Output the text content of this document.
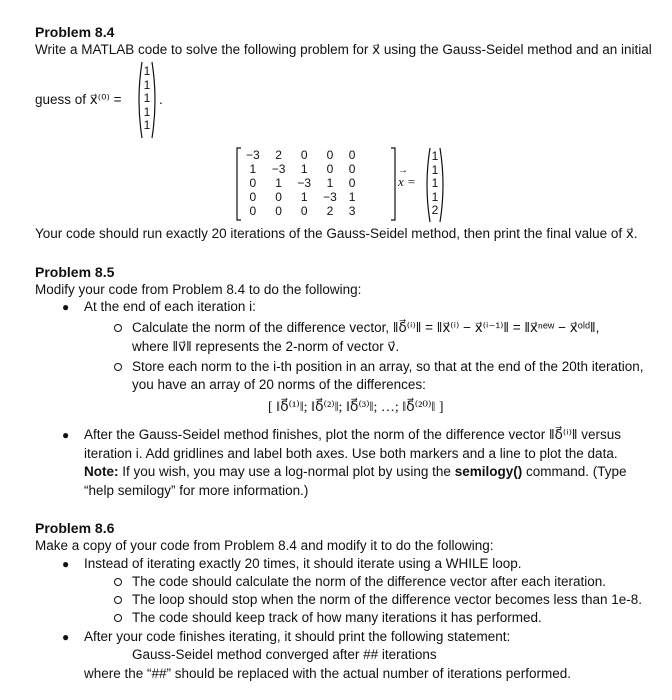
Problem 8.4
Write a MATLAB code to solve the following problem for x⃗ using the Gauss-Seidel method and an initial
guess of x⃗⁽⁰⁾ =
1
1
1
1
1
.
−3	2	0	0	0
1	−3	1	0	0
0	1	−3	1	0
0	0	1	−3	1
0	0	0	2	3
→ x =
1
1
1
1
2
Your code should run exactly 20 iterations of the Gauss-Seidel method, then print the final value of x⃗.
Problem 8.5
Modify your code from Problem 8.4 to do the following:
● At the end of each iteration i:
Calculate the norm of the difference vector, ‖δ⃗⁽ⁱ⁾‖ = ‖x⃗⁽ⁱ⁾ − x⃗⁽ⁱ⁻¹⁾‖ = ‖x⃗ⁿᵉʷ − x⃗ᵒˡᵈ‖,
where ‖v⃗‖ represents the 2-norm of vector v⃗.
Store each norm to the i-th position in an array, so that at the end of the 20th iteration,
you have an array of 20 norms of the differences:
[ ‖δ⃗⁽¹⁾‖; ‖δ⃗⁽²⁾‖; ‖δ⃗⁽³⁾‖; …; ‖δ⃗⁽²⁰⁾‖ ]
● After the Gauss-Seidel method finishes, plot the norm of the difference vector ‖δ⃗⁽ⁱ⁾‖ versus
iteration i. Add gridlines and label both axes. Use both markers and a line to plot the data.
Note: If you wish, you may use a log-normal plot by using the semilogy() command. (Type
“help semilogy” for more information.)
Problem 8.6
Make a copy of your code from Problem 8.4 and modify it to do the following:
● Instead of iterating exactly 20 times, it should iterate using a WHILE loop.
The code should calculate the norm of the difference vector after each iteration.
The loop should stop when the norm of the difference vector becomes less than 1e-8.
The code should keep track of how many iterations it has performed.
● After your code finishes iterating, it should print the following statement:
Gauss-Seidel method converged after ## iterations
where the “##” should be replaced with the actual number of iterations performed.
